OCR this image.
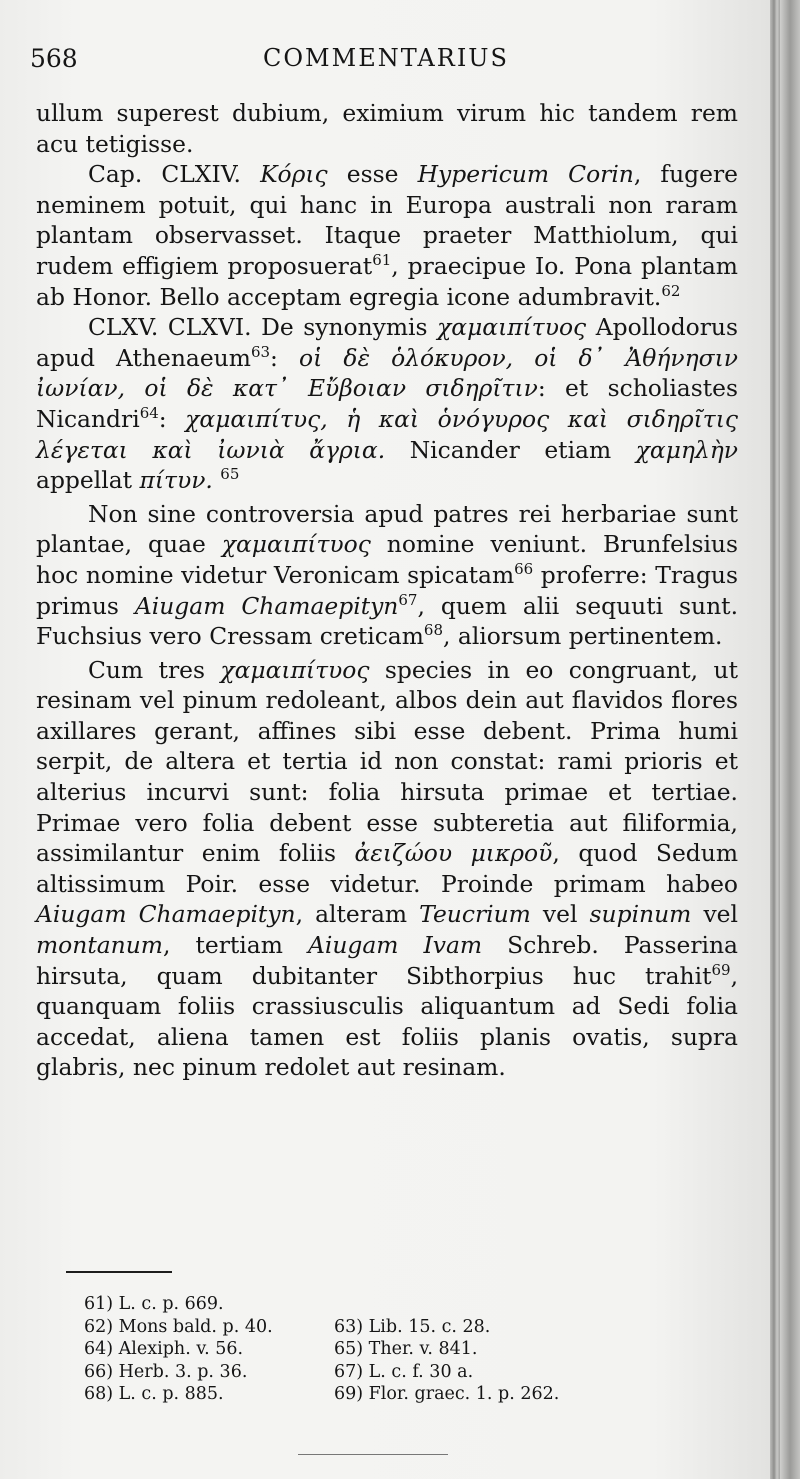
568	COMMENTARIUS

ullum superest dubium, eximium virum hic tandem rem acu tetigisse.

Cap. CLXIV. Κόρις esse Hypericum Corin, fugere neminem potuit, qui hanc in Europa australi non raram plantam observasset. Itaque praeter Matthiolum, qui rudem effigiem proposuerat$^{61}$, praecipue Io. Pona plantam ab Honor. Bello acceptam egregia icone adumbravit.$^{62}$

CLXV. CLXVI. De synonymis χαμαιπίτυος Apollodorus apud Athenaeum$^{63}$: οἱ δὲ ὁλόκυρον, οἱ δ᾽ Ἀθήνησιν ἰωνίαν, οἱ δὲ κατ᾽ Εὔβοιαν σιδηρῖτιν: et scholiastes Nicandri$^{64}$: χαμαιπίτυς, ἡ καὶ ὁνόγυρος καὶ σιδηρῖτις λέγεται καὶ ἰωνιὰ ἄγρια. Nicander etiam χαμηλὴν appellat πίτυν. $^{65}$

Non sine controversia apud patres rei herbariae sunt plantae, quae χαμαιπίτυος nomine veniunt. Brunfelsius hoc nomine videtur Veronicam spicatam$^{66}$ proferre: Tragus primus Aiugam Chamaepityn$^{67}$, quem alii sequuti sunt. Fuchsius vero Cressam creticam$^{68}$, aliorsum pertinentem.

Cum tres χαμαιπίτυος species in eo congruant, ut resinam vel pinum redoleant, albos dein aut flavidos flores axillares gerant, affines sibi esse debent. Prima humi serpit, de altera et tertia id non constat: rami prioris et alterius incurvi sunt: folia hirsuta primae et tertiae. Primae vero folia debent esse subteretia aut filiformia, assimilantur enim foliis ἀειζώου μικροῦ, quod Sedum altissimum Poir. esse videtur. Proinde primam habeo Aiugam Chamaepityn, alteram Teucrium vel supinum vel montanum, tertiam Aiugam Ivam Schreb. Passerina hirsuta, quam dubitanter Sibthorpius huc trahit$^{69}$, quanquam foliis crassiusculis aliquantum ad Sedi folia accedat, aliena tamen est foliis planis ovatis, supra glabris, nec pinum redolet aut resinam.

61) L. c. p. 669.
62) Mons bald. p. 40.	63) Lib. 15. c. 28.
64) Alexiph. v. 56.	65) Ther. v. 841.
66) Herb. 3. p. 36.	67) L. c. f. 30 a.
68) L. c. p. 885.	69) Flor. graec. 1. p. 262.
